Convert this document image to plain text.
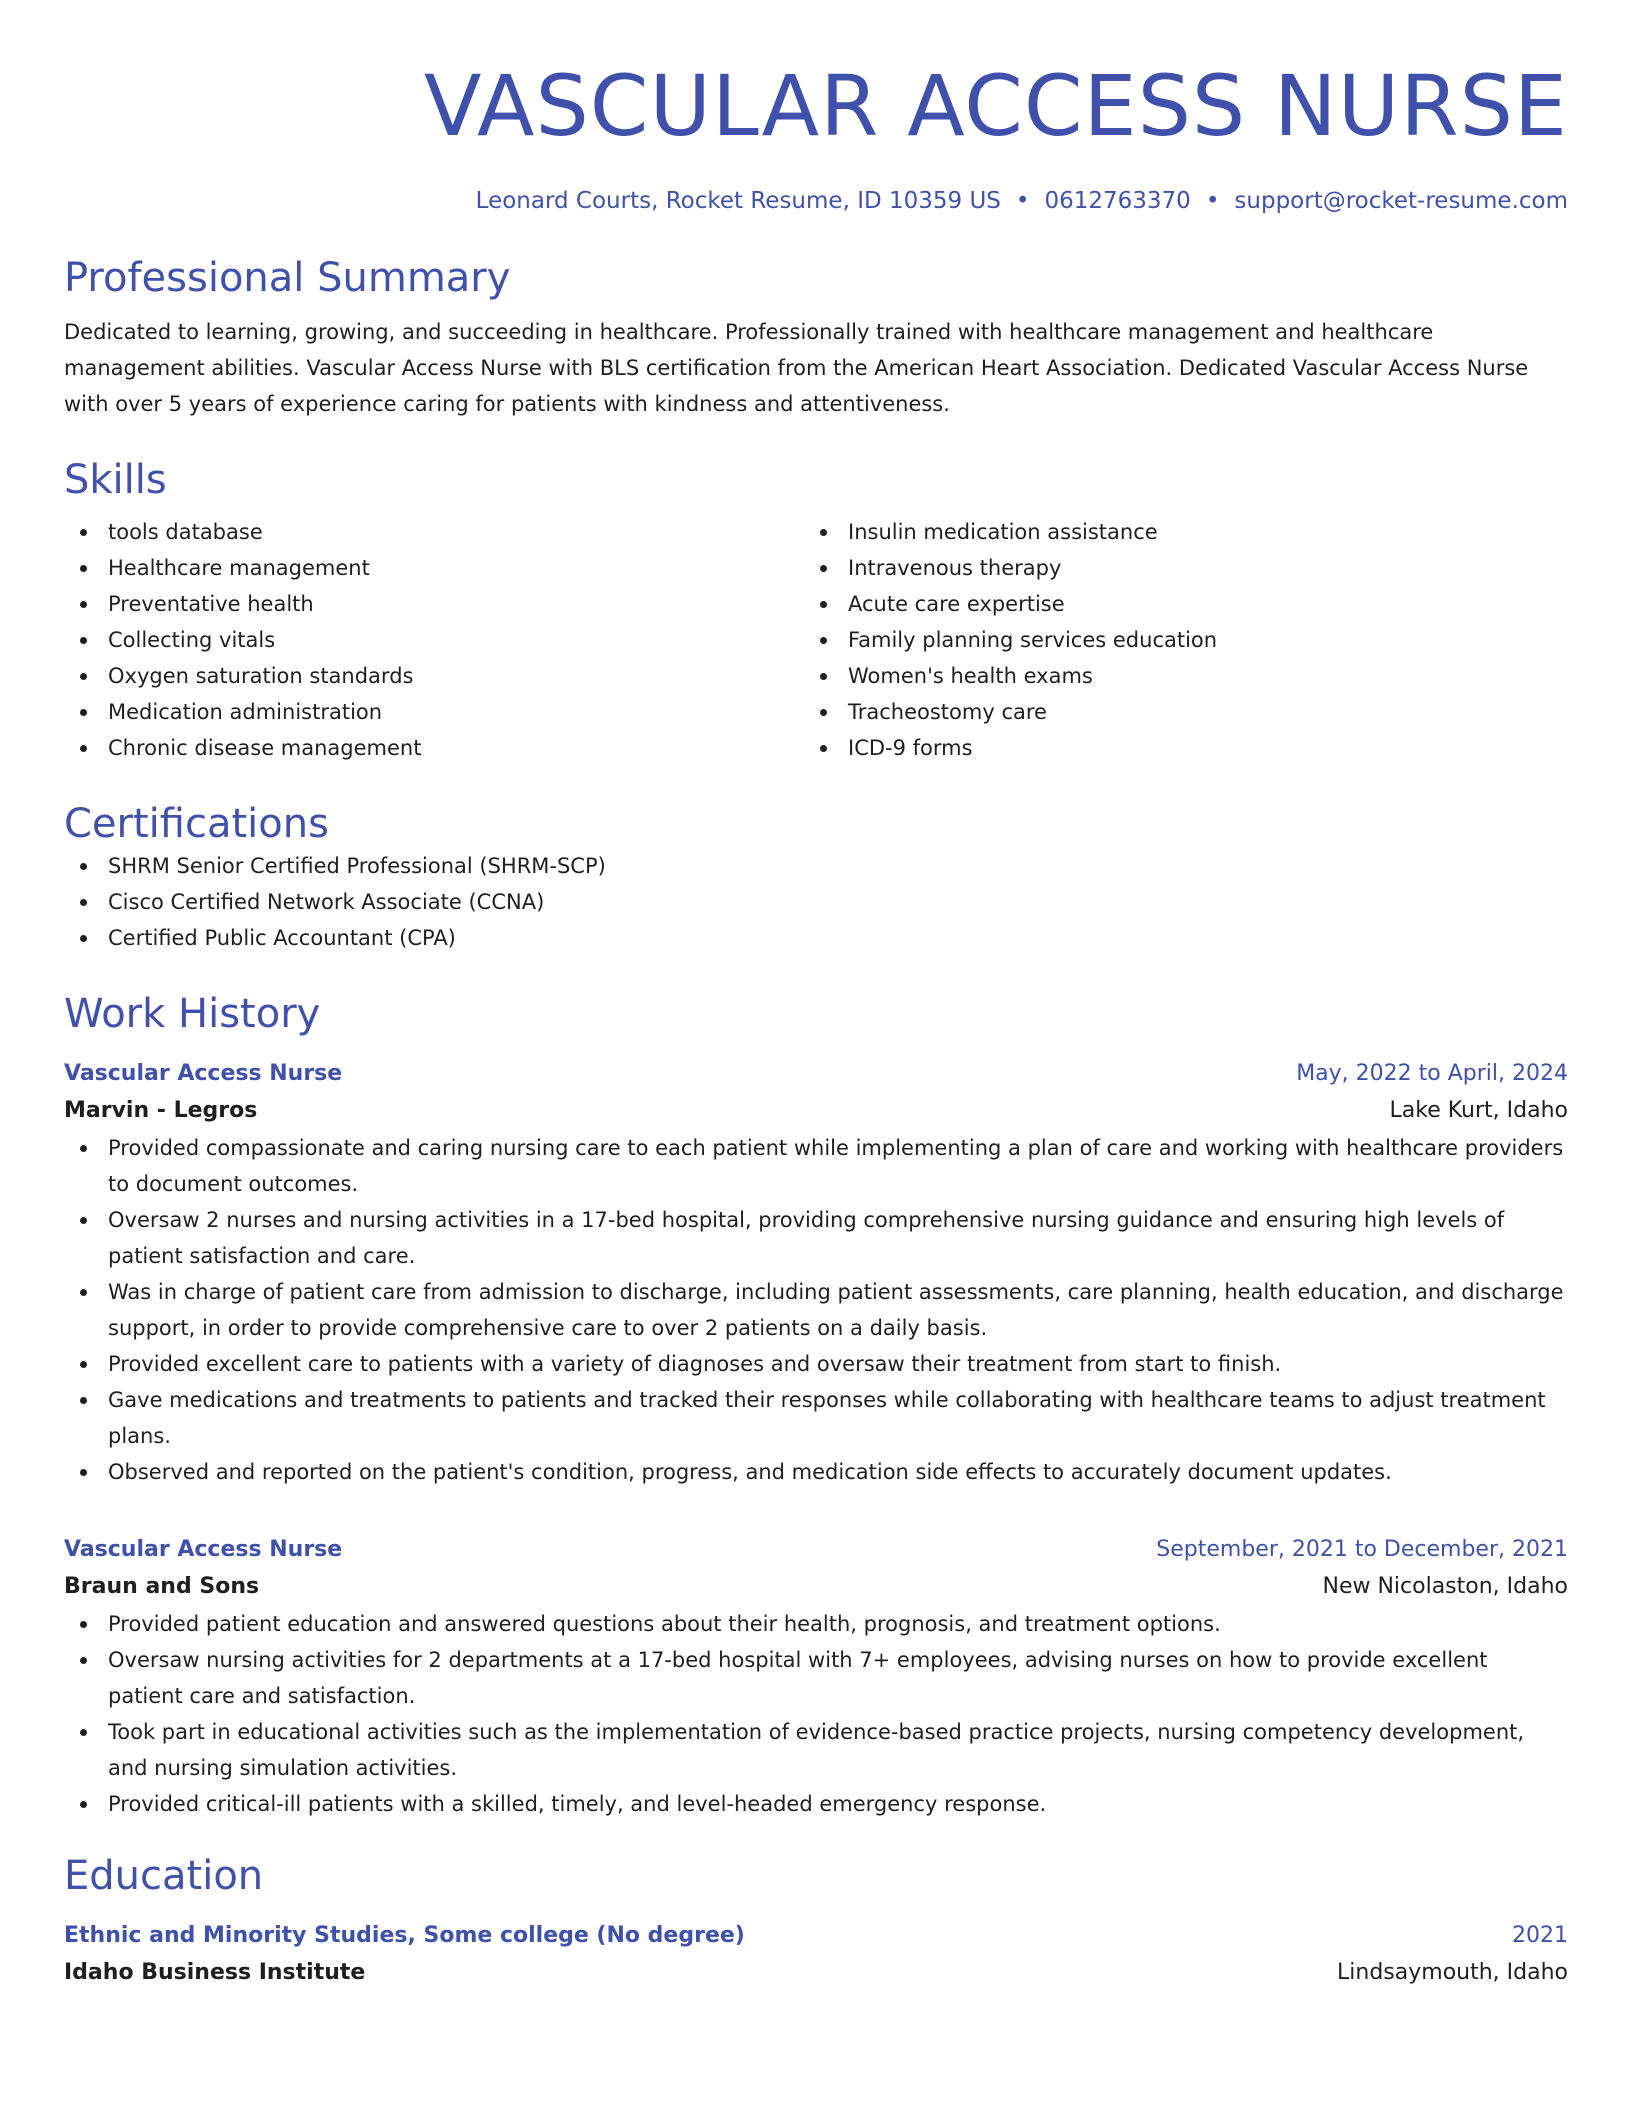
VASCULAR ACCESS NURSE
Leonard Courts, Rocket Resume, ID 10359 US • 0612763370 • support@rocket-resume.com
Professional Summary

Dedicated to learning, growing, and succeeding in healthcare. Professionally trained with healthcare management and healthcare management abilities. Vascular Access Nurse with BLS certification from the American Heart Association. Dedicated Vascular Access Nurse with over 5 years of experience caring for patients with kindness and attentiveness.

Skills
tools database
Healthcare management
Preventative health
Collecting vitals
Oxygen saturation standards
Medication administration
Chronic disease management
Insulin medication assistance
Intravenous therapy
Acute care expertise
Family planning services education
Women's health exams
Tracheostomy care
ICD-9 forms
Certifications
SHRM Senior Certified Professional (SHRM-SCP)
Cisco Certified Network Associate (CCNA)
Certified Public Accountant (CPA)
Work History
Vascular Access Nurse	May, 2022 to April, 2024
Marvin - Legros	Lake Kurt, Idaho
Provided compassionate and caring nursing care to each patient while implementing a plan of care and working with healthcare providers to document outcomes.
Oversaw 2 nurses and nursing activities in a 17-bed hospital, providing comprehensive nursing guidance and ensuring high levels of patient satisfaction and care.
Was in charge of patient care from admission to discharge, including patient assessments, care planning, health education, and discharge support, in order to provide comprehensive care to over 2 patients on a daily basis.
Provided excellent care to patients with a variety of diagnoses and oversaw their treatment from start to finish.
Gave medications and treatments to patients and tracked their responses while collaborating with healthcare teams to adjust treatment plans.
Observed and reported on the patient's condition, progress, and medication side effects to accurately document updates.
Vascular Access Nurse	September, 2021 to December, 2021
Braun and Sons	New Nicolaston, Idaho
Provided patient education and answered questions about their health, prognosis, and treatment options.
Oversaw nursing activities for 2 departments at a 17-bed hospital with 7+ employees, advising nurses on how to provide excellent patient care and satisfaction.
Took part in educational activities such as the implementation of evidence-based practice projects, nursing competency development, and nursing simulation activities.
Provided critical-ill patients with a skilled, timely, and level-headed emergency response.
Education
Ethnic and Minority Studies, Some college (No degree)	2021
Idaho Business Institute	Lindsaymouth, Idaho
